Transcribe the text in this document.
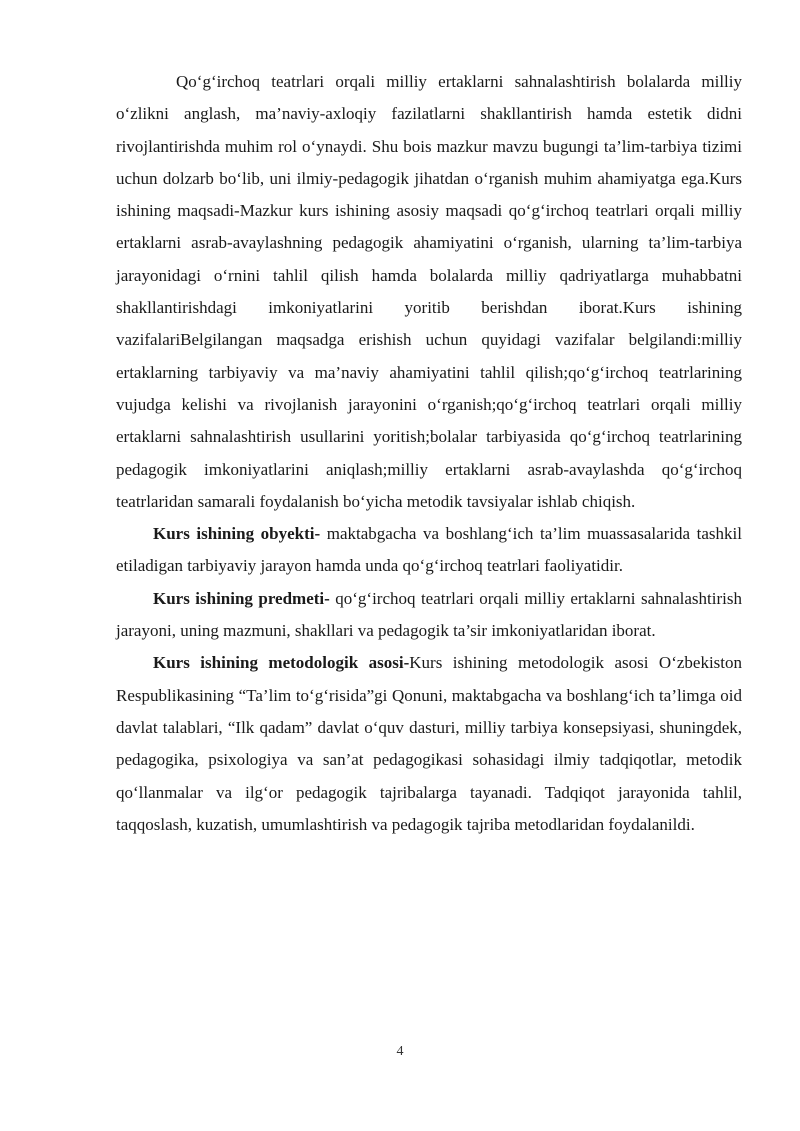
Qo‘g‘irchoq teatrlari orqali milliy ertaklarni sahnalashtirish bolalarda milliy o‘zlikni anglash, ma’naviy-axloqiy fazilatlarni shakllantirish hamda estetik didni rivojlantirishda muhim rol o‘ynaydi. Shu bois mazkur mavzu bugungi ta’lim-tarbiya tizimi uchun dolzarb bo‘lib, uni ilmiy-pedagogik jihatdan o‘rganish muhim ahamiyatga ega.Kurs ishining maqsadi-Mazkur kurs ishining asosiy maqsadi qo‘g‘irchoq teatrlari orqali milliy ertaklarni asrab-avaylashning pedagogik ahamiyatini o‘rganish, ularning ta’lim-tarbiya jarayonidagi o‘rnini tahlil qilish hamda bolalarda milliy qadriyatlarga muhabbatni shakllantirishdagi imkoniyatlarini yoritib berishdan iborat.Kurs ishining vazifalariBelgilangan maqsadga erishish uchun quyidagi vazifalar belgilandi:milliy ertaklarning tarbiyaviy va ma’naviy ahamiyatini tahlil qilish;qo‘g‘irchoq teatrlarining vujudga kelishi va rivojlanish jarayonini o‘rganish;qo‘g‘irchoq teatrlari orqali milliy ertaklarni sahnalashtirish usullarini yoritish;bolalar tarbiyasida qo‘g‘irchoq teatrlarining pedagogik imkoniyatlarini aniqlash;milliy ertaklarni asrab-avaylashda qo‘g‘irchoq teatrlaridan samarali foydalanish bo‘yicha metodik tavsiyalar ishlab chiqish.

Kurs ishining obyekti- maktabgacha va boshlang‘ich ta’lim muassasalarida tashkil etiladigan tarbiyaviy jarayon hamda unda qo‘g‘irchoq teatrlari faoliyatidir.

Kurs ishining predmeti- qo‘g‘irchoq teatrlari orqali milliy ertaklarni sahnalashtirish jarayoni, uning mazmuni, shakllari va pedagogik ta’sir imkoniyatlaridan iborat.

Kurs ishining metodologik asosi-Kurs ishining metodologik asosi O‘zbekiston Respublikasining “Ta’lim to‘g‘risida”gi Qonuni, maktabgacha va boshlang‘ich ta’limga oid davlat talablari, “Ilk qadam” davlat o‘quv dasturi, milliy tarbiya konsepsiyasi, shuningdek, pedagogika, psixologiya va san’at pedagogikasi sohasidagi ilmiy tadqiqotlar, metodik qo‘llanmalar va ilg‘or pedagogik tajribalarga tayanadi. Tadqiqot jarayonida tahlil, taqqoslash, kuzatish, umumlashtirish va pedagogik tajriba metodlaridan foydalanildi.

4
